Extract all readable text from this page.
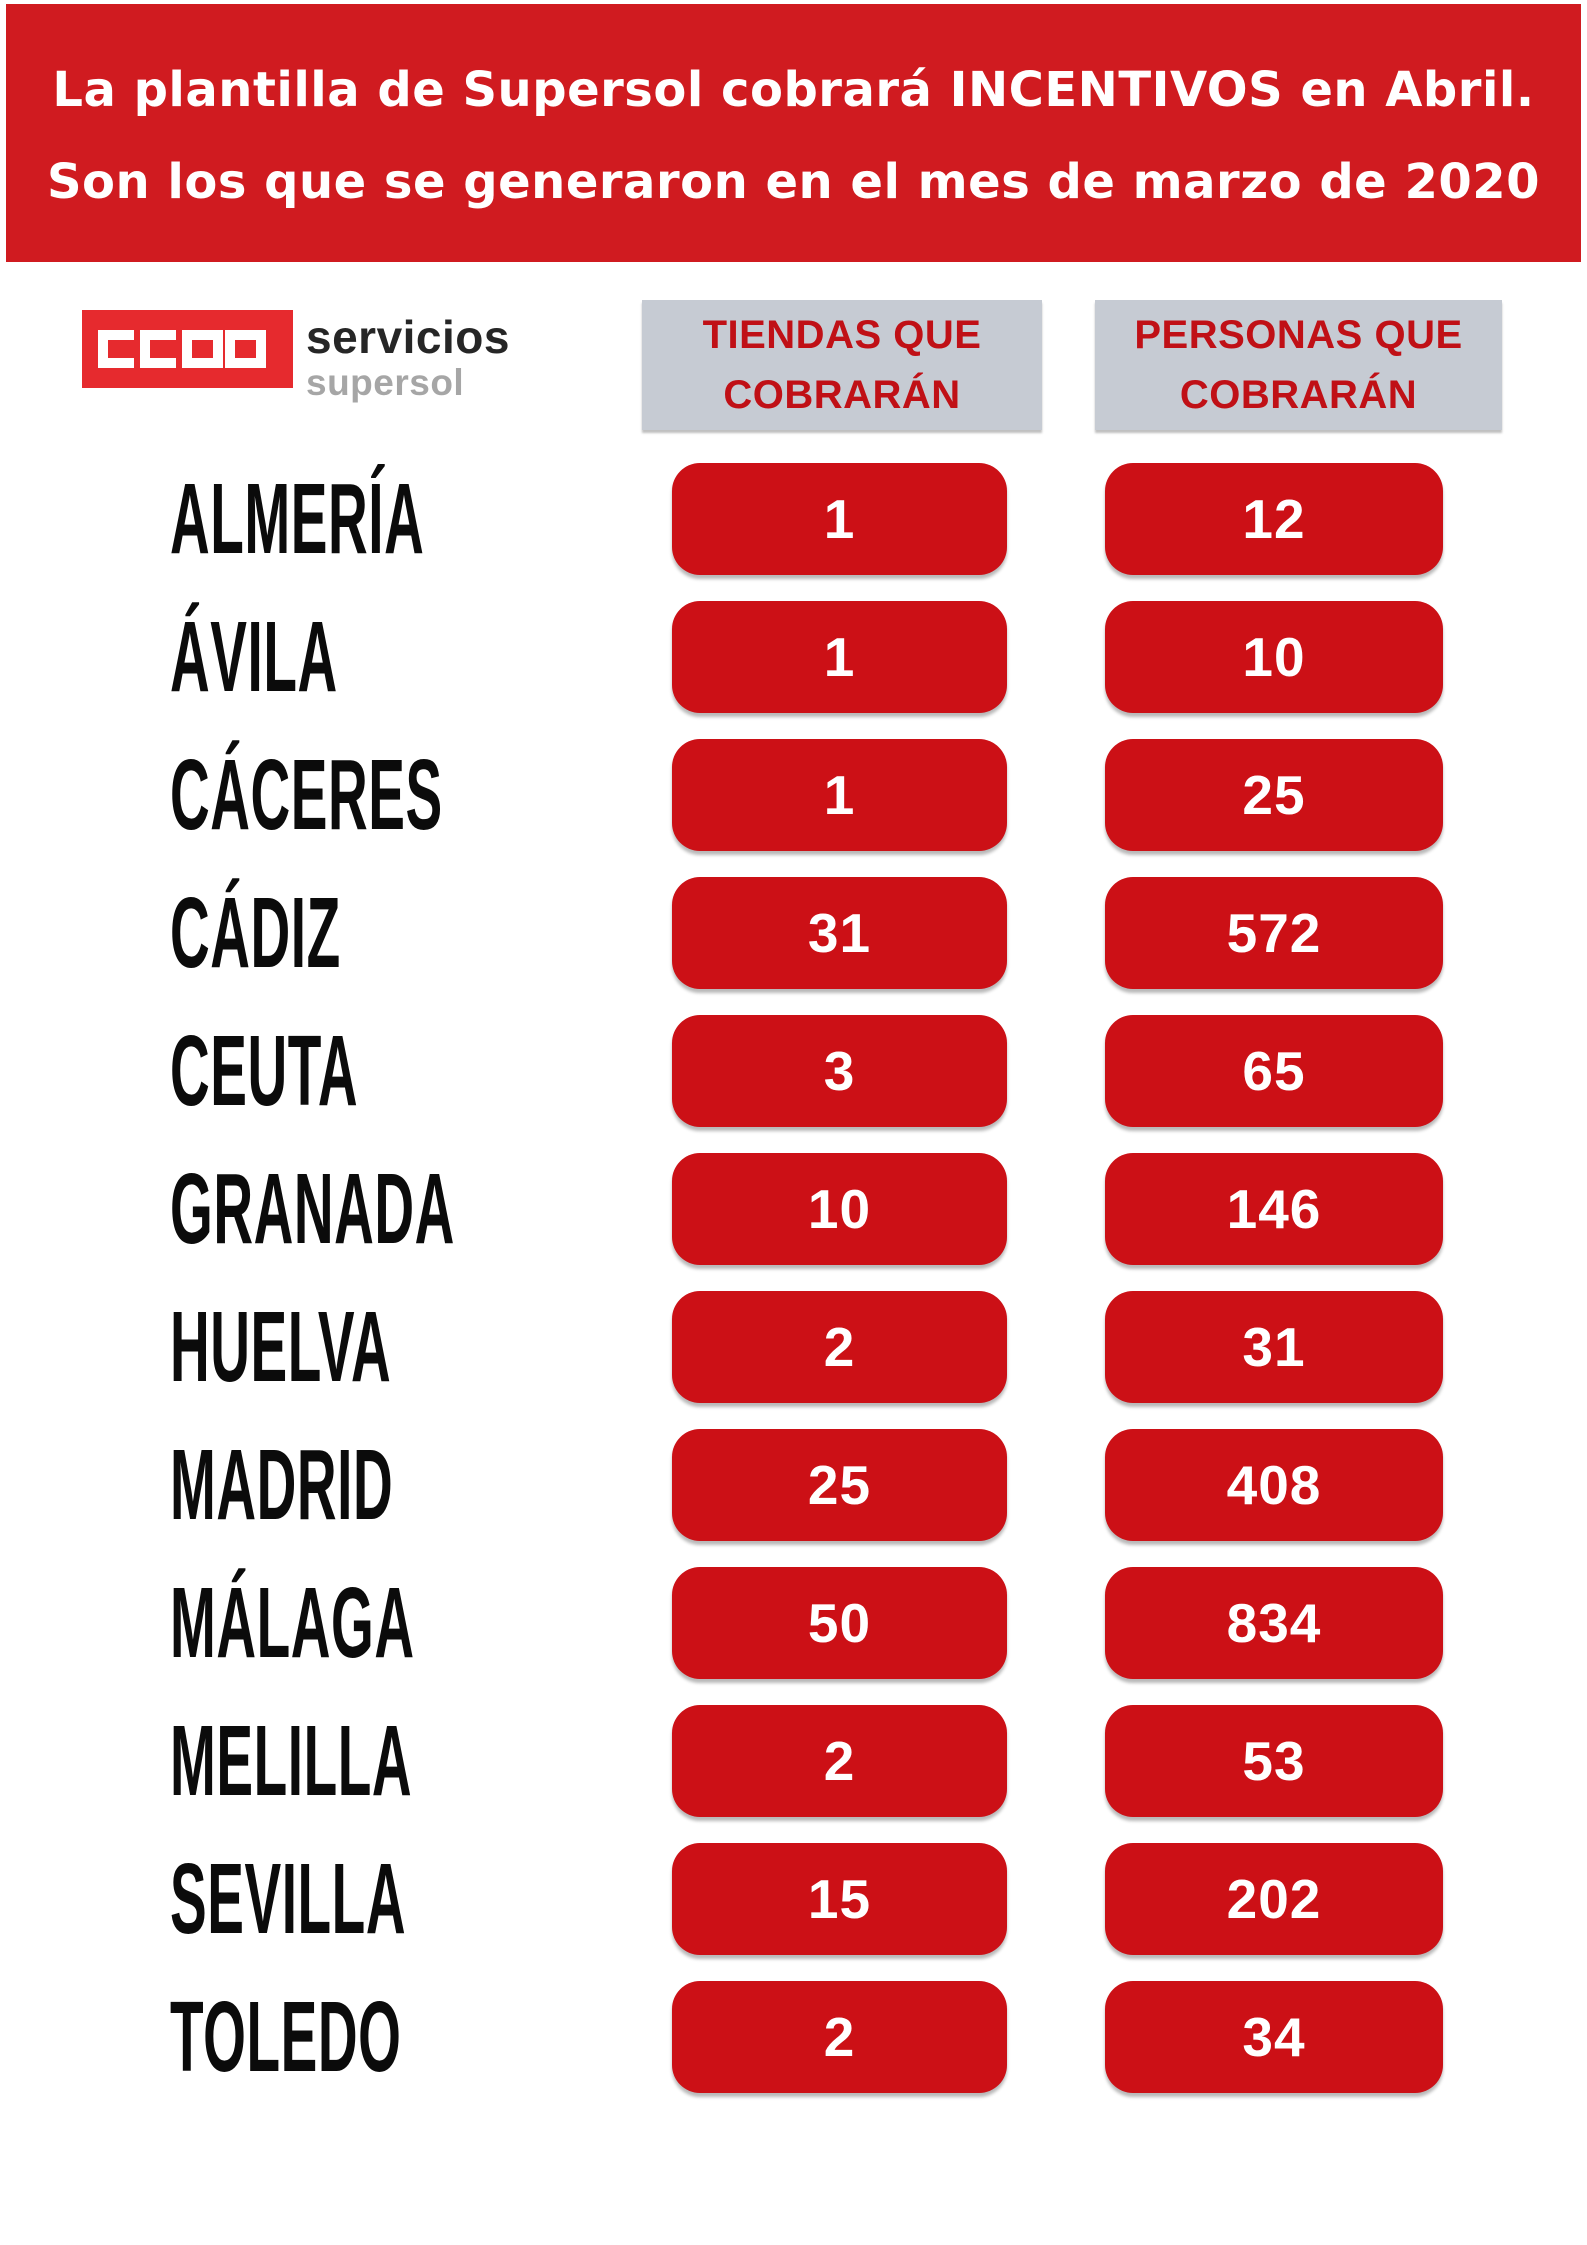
La plantilla de Supersol cobrará INCENTIVOS en Abril.
Son los que se generaron en el mes de marzo de 2020
servicios
supersol
TIENDAS QUE
COBRARÁN
PERSONAS QUE
COBRARÁN
ALMERÍA	1	12
ÁVILA	1	10
CÁCERES	1	25
CÁDIZ	31	572
CEUTA	3	65
GRANADA	10	146
HUELVA	2	31
MADRID	25	408
MÁLAGA	50	834
MELILLA	2	53
SEVILLA	15	202
TOLEDO	2	34
